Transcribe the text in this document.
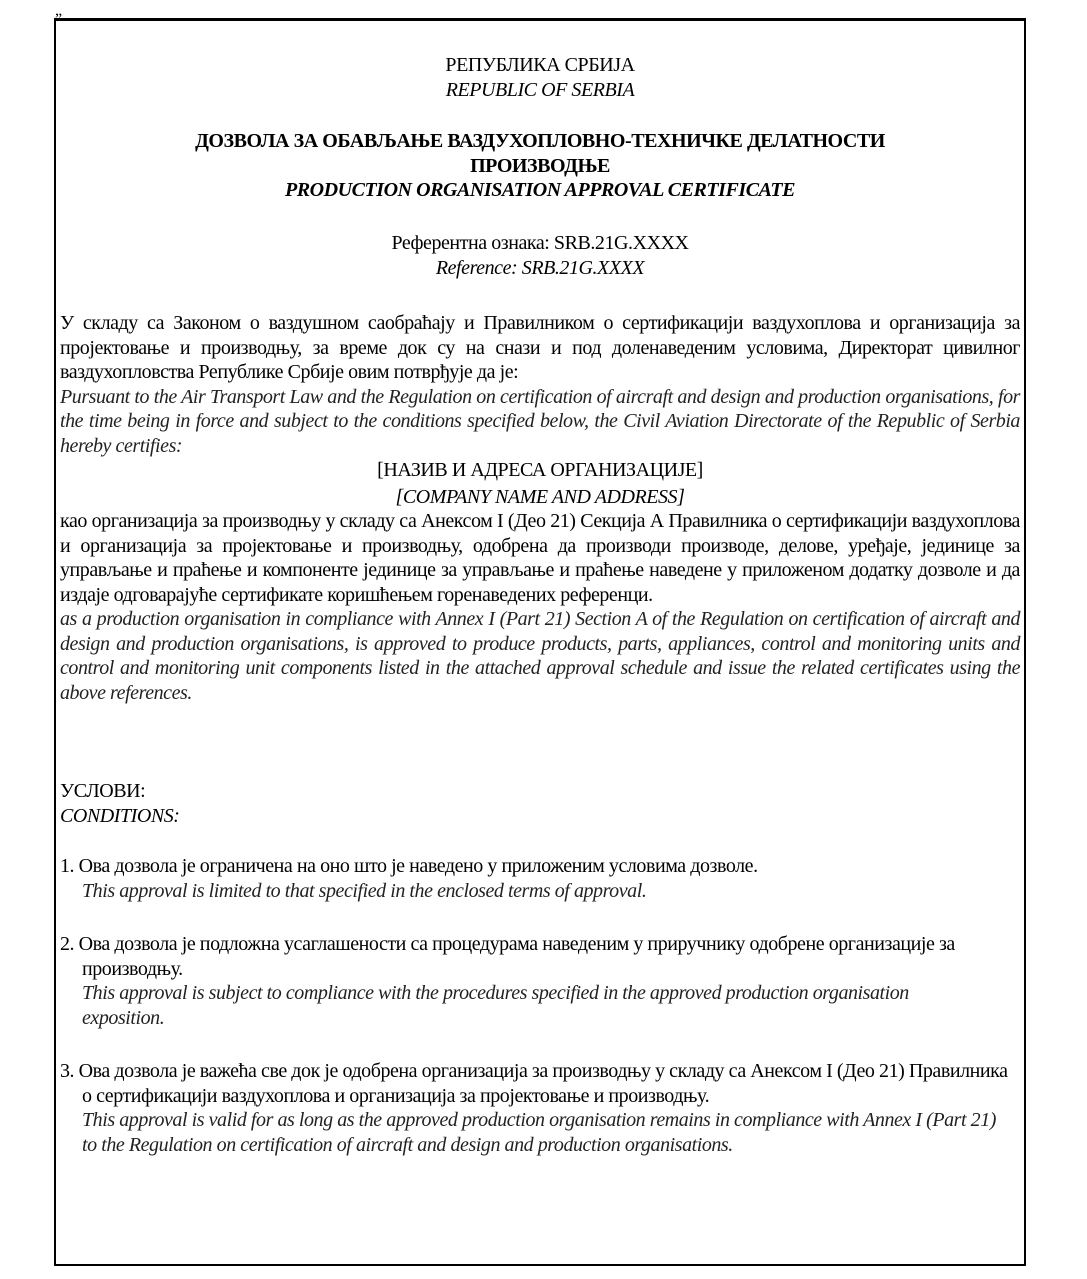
„
РЕПУБЛИКА СРБИЈА
REPUBLIC OF SERBIA
ДОЗВОЛА ЗА ОБАВЉАЊЕ ВАЗДУХОПЛОВНО-ТЕХНИЧКЕ ДЕЛАТНОСТИ
ПРОИЗВОДЊЕ
PRODUCTION ORGANISATION APPROVAL CERTIFICATE
Референтна ознака: SRB.21G.XXXX
Reference: SRB.21G.XXXX
У складу са Законом о ваздушном саобраћају и Правилником о сертификацији ваздухоплова и организација за пројектовање и производњу, за време док су на снази и под доленаведеним условима, Директорат цивилног ваздухопловства Републике Србије овим потврђује да је:
Pursuant to the Air Transport Law and the Regulation on certification of aircraft and design and production organisations, for the time being in force and subject to the conditions specified below, the Civil Aviation Directorate of the Republic of Serbia hereby certifies:
[НАЗИВ И АДРЕСА ОРГАНИЗАЦИЈЕ]
[COMPANY NAME AND ADDRESS]
као организација за производњу у складу са Анексом I (Део 21) Секција А Правилника о сертификацији ваздухоплова и организација за пројектовање и производњу, одобрена да производи производе, делове, уређаје, јединице за управљање и праћење и компоненте јединице за управљање и праћење наведене у приложеном додатку дозволе и да издаје одговарајуће сертификате коришћењем горенаведених референци.
as a production organisation in compliance with Annex I (Part 21) Section A of the Regulation on certification of aircraft and design and production organisations, is approved to produce products, parts, appliances, control and monitoring units and control and monitoring unit components listed in the attached approval schedule and issue the related certificates using the above references.
УСЛОВИ:
CONDITIONS:
1. Ова дозвола је ограничена на оно што је наведено у приложеним условима дозволе.
This approval is limited to that specified in the enclosed terms of approval.
2. Ова дозвола је подложна усаглашености са процедурама наведеним у приручнику одобрене организације за производњу.
This approval is subject to compliance with the procedures specified in the approved production organisation exposition.
3. Ова дозвола је важећа све док је одобрена организација за производњу у складу са Анексом I (Део 21) Правилника о сертификацији ваздухоплова и организација за пројектовање и производњу.
This approval is valid for as long as the approved production organisation remains in compliance with Annex I (Part 21) to the Regulation on certification of aircraft and design and production organisations.
